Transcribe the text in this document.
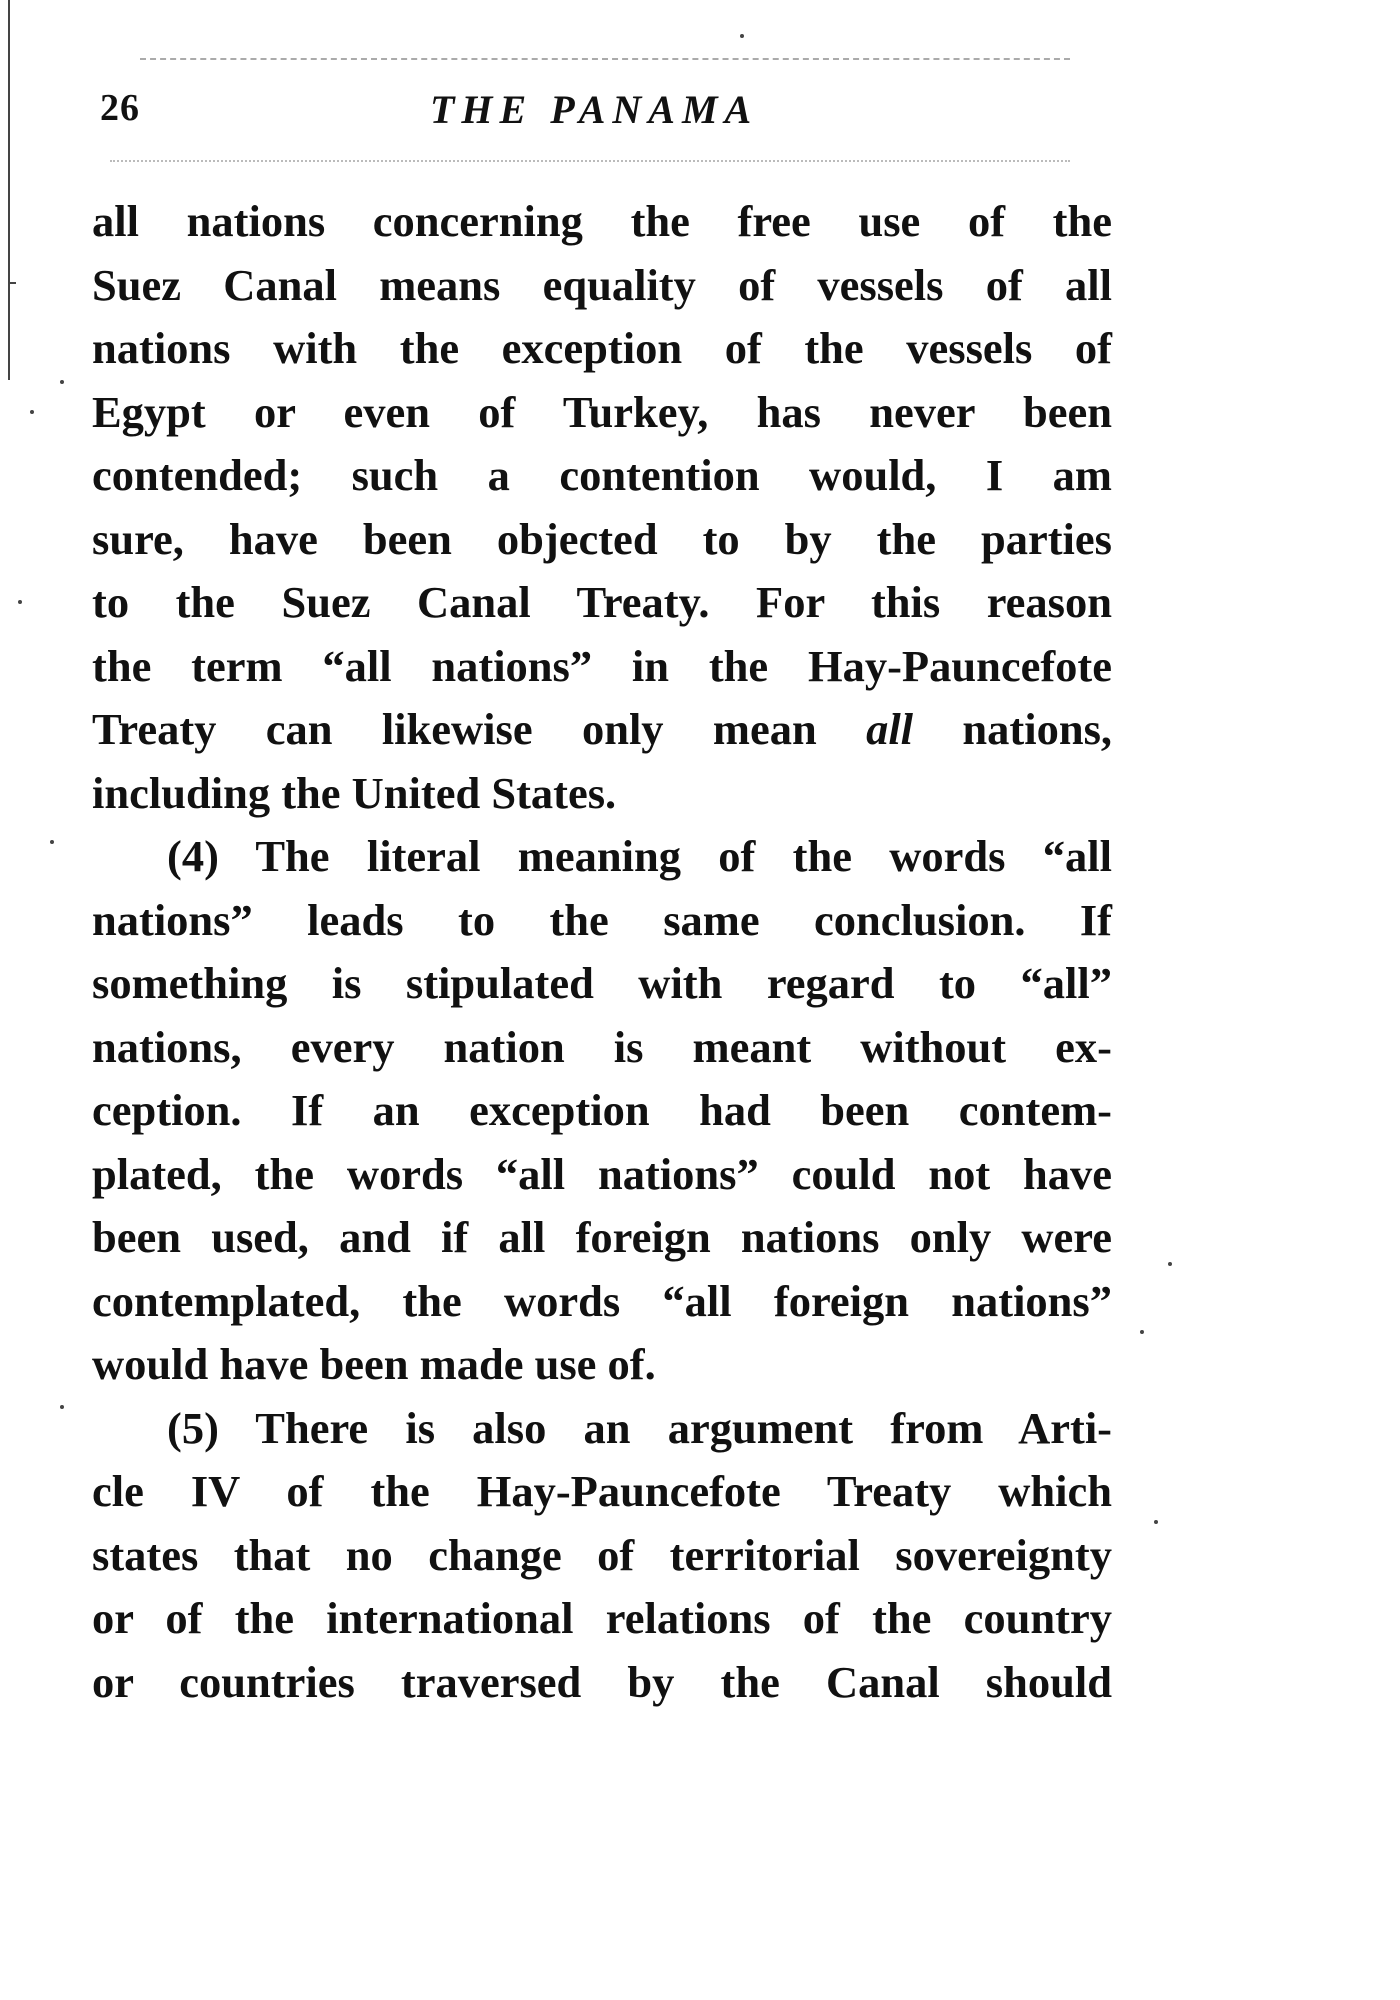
26	THE PANAMA
all nations concerning the free use of the
Suez Canal means equality of vessels of all
nations with the exception of the vessels of
Egypt or even of Turkey, has never been
contended; such a contention would, I am
sure, have been objected to by the parties
to the Suez Canal Treaty. For this reason
the term “all nations” in the Hay-Pauncefote
Treaty can likewise only mean all nations,
including the United States.
(4) The literal meaning of the words “all
nations” leads to the same conclusion. If
something is stipulated with regard to “all”
nations, every nation is meant without ex-
ception. If an exception had been contem-
plated, the words “all nations” could not have
been used, and if all foreign nations only were
contemplated, the words “all foreign nations”
would have been made use of.
(5) There is also an argument from Arti-
cle IV of the Hay-Pauncefote Treaty which
states that no change of territorial sovereignty
or of the international relations of the country
or countries traversed by the Canal should
